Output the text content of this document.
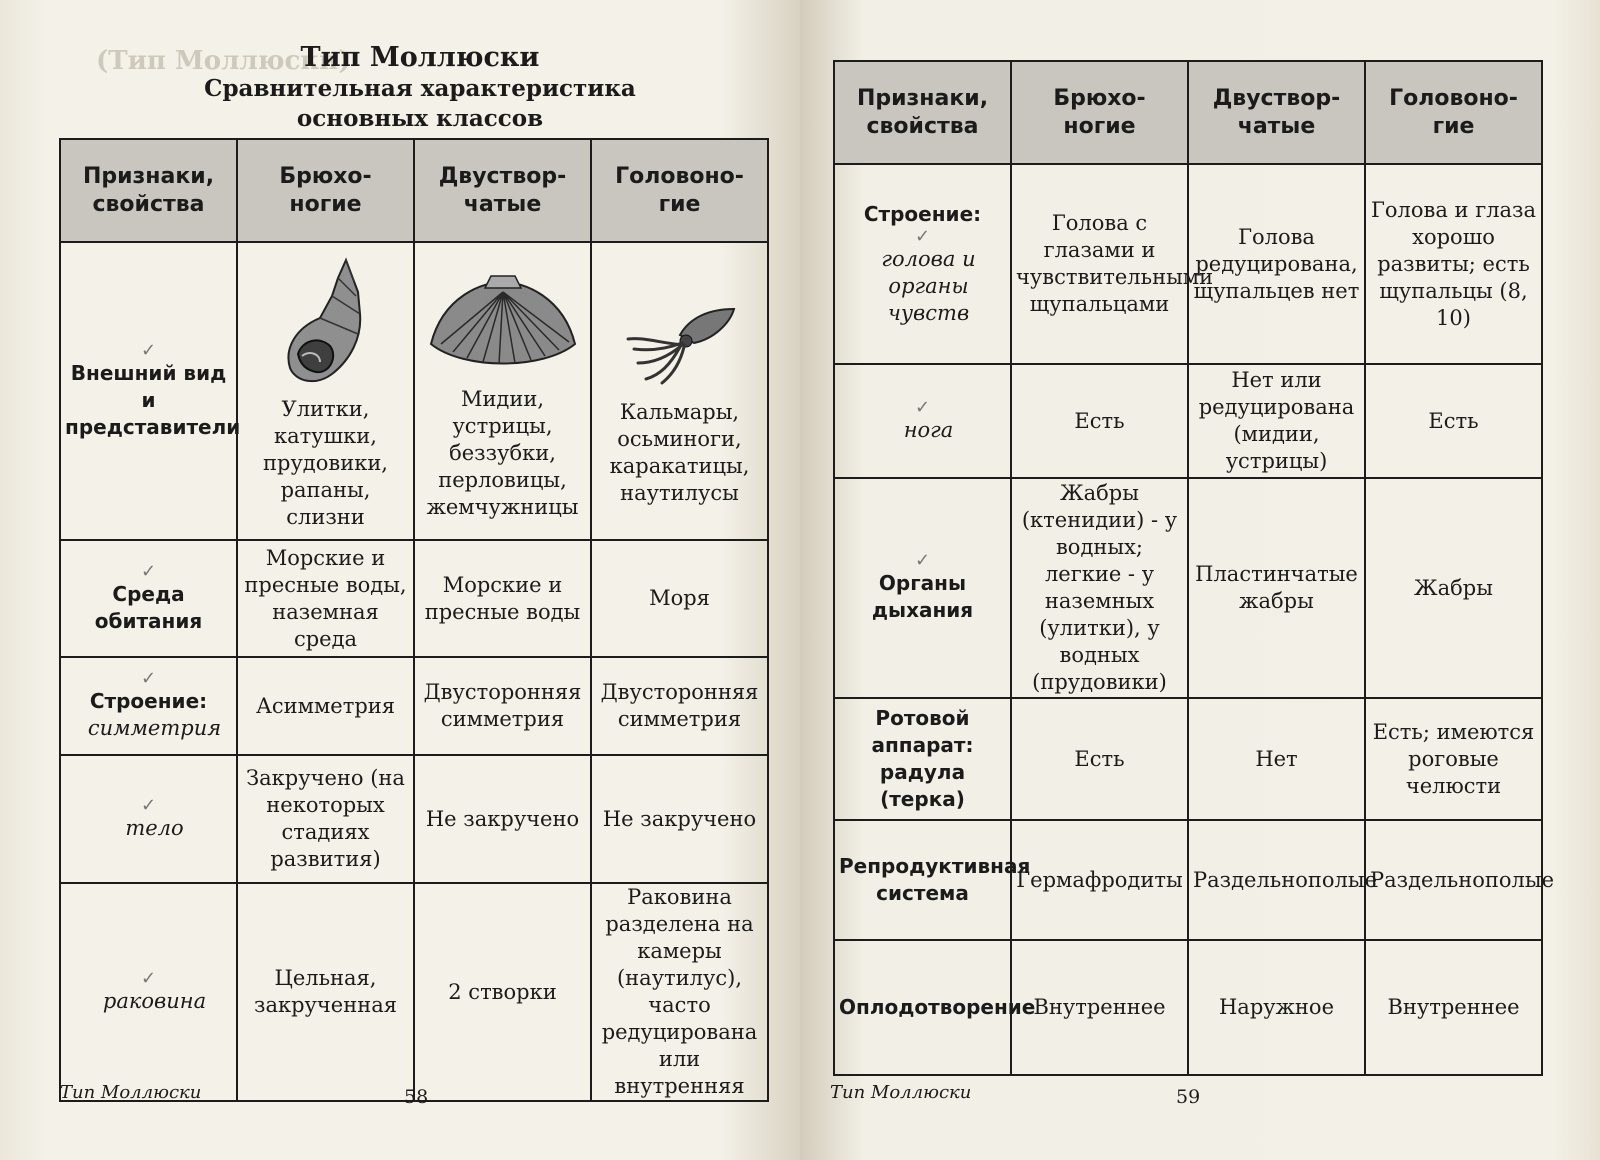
(Тип Моллюски)
Тип Моллюски
Сравнительная характеристика
основных классов
Признаки, свойства	Брюхо- ногие	Двуствор- чатые	Головоно- гие

✓
Внешний вид и представители	Улитки, катушки, прудовики, рапаны, слизни	Мидии, устрицы, беззубки, перловицы, жемчужницы	Кальмары, осьминоги, каракатицы, наутилусы

✓
Среда обитания	Морские и пресные воды, наземная среда	Морские и пресные воды	Моря

✓
Строение:
симметрия	Асимметрия	Двусторонняя симметрия	Двусторонняя симметрия

✓
тело	Закручено (на некоторых стадиях развития)	Не закручено	Не закручено

✓
раковина	Цельная, закрученная	2 створки	Раковина разделена на камеры (наутилус), часто редуцирована или внутренняя
Тип Моллюски	58
Признаки, свойства	Брюхо- ногие	Двуствор- чатые	Головоно- гие

Строение:
✓
голова и органы чувств	Голова с глазами и чувствительными щупальцами	Голова редуцирована, щупальцев нет	Голова и глаза хорошо развиты; есть щупальцы (8, 10)

✓
нога	Есть	Нет или редуцирована (мидии, устрицы)	Есть

✓
Органы дыхания	Жабры (ктенидии) - у водных; легкие - у наземных (улитки), у водных (прудовики)	Пластинчатые жабры	Жабры

Ротовой аппарат: радула (терка)	Есть	Нет	Есть; имеются роговые челюсти

Репродуктивная система	Гермафродиты	Раздельнополые	Раздельнополые

Оплодотворение	Внутреннее	Наружное	Внутреннее
Тип Моллюски	59
